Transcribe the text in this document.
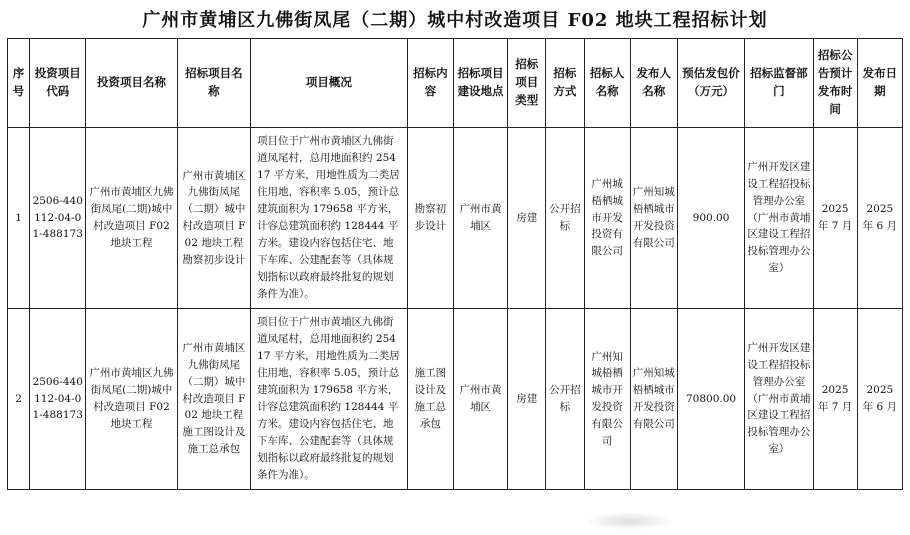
广州市黄埔区九佛街凤尾（二期）城中村改造项目 F02 地块工程招标计划
序号	投资项目代码	投资项目名称	招标项目名称	项目概况	招标内容	招标项目建设地点	招标项目类型	招标方式	招标人名称	发布人名称	预估发包价（万元）	招标监督部门	招标公告预计发布时间	发布日期
1	2506-440112-04-01-488173	广州市黄埔区九佛街凤尾(二期)城中村改造项目 F02 地块工程	广州市黄埔区九佛街凤尾（二期）城中村改造项目 F02 地块工程勘察初步设计	项目位于广州市黄埔区九佛街道凤尾村，总用地面积约 25417 平方米，用地性质为二类居住用地，容积率 5.05，预计总建筑面积为 179658 平方米，计容总建筑面积约 128444 平方米。建设内容包括住宅、地下车库、公建配套等（具体规划指标以政府最终批复的规划条件为准）。	勘察初步设计	广州市黄埔区	房建	公开招标	广州城梧栖城市开发投资有限公司	广州知城梧栖城市开发投资有限公司	900.00	广州开发区建设工程招投标管理办公室（广州市黄埔区建设工程招投标管理办公室）	2025 年 7 月	2025 年 6 月
2	2506-440112-04-01-488173	广州市黄埔区九佛街凤尾(二期)城中村改造项目 F02 地块工程	广州市黄埔区九佛街凤尾（二期）城中村改造项目 F02 地块工程施工图设计及施工总承包	项目位于广州市黄埔区九佛街道凤尾村，总用地面积约 25417 平方米，用地性质为二类居住用地，容积率 5.05，预计总建筑面积为 179658 平方米，计容总建筑面积约 128444 平方米。建设内容包括住宅、地下车库、公建配套等（具体规划指标以政府最终批复的规划条件为准）。	施工图设计及施工总承包	广州市黄埔区	房建	公开招标	广州知城梧栖城市开发投资有限公司	广州知城梧栖城市开发投资有限公司	70800.00	广州开发区建设工程招投标管理办公室（广州市黄埔区建设工程招投标管理办公室）	2025 年 7 月	2025 年 6 月
